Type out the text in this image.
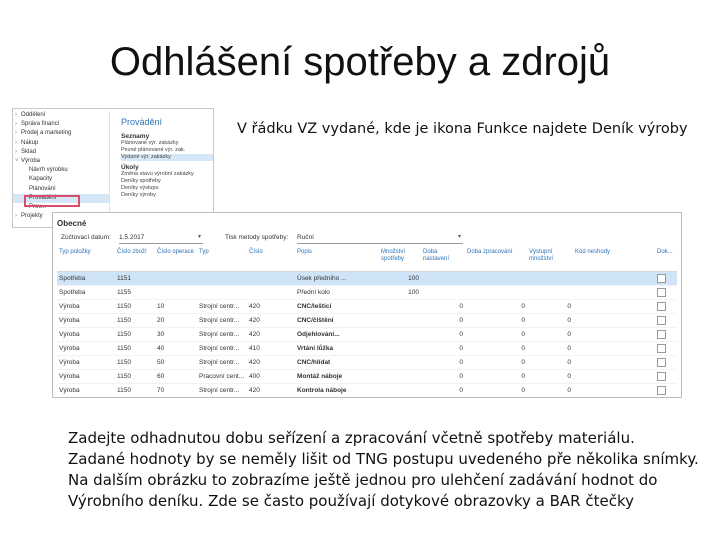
Odhlášení spotřeby a zdrojů
› Oddělení
› Správa financí
› Prodej a marketing
› Nákup
› Sklad
˅ Výroba
Návrh výrobku
Kapacity
Plánování
Provádění
Prov...
› Projekty
Provádění
Seznamy
Plánované výr. zakázky
Pevné plánované výr. zak.
Vydané výr. zakázky
Úkoly
Změna stavu výrobní zakázky
Deníky spotřeby
Deníky výstupu
Deníky výroby
V řádku VZ vydané, kde je ikona Funkce najdete Deník výroby
Obecné
Zúčtovací datum: 1.5.2017	▾	Tisk metody spotřeby: Ruční	▾
Typ položky	Číslo zboží	Číslo operace	Typ	Číslo	Popis	Množství spotřeby	Doba nastavení	Doba zpracování	Výstupní množství	Kód neshody	Dok...
Spotřeba	1151				Úsek předního ...	100					
Spotřeba	1155				Přední kolo	100					
Výroba	1150	10	Strojní centr...	420	CNC/lešticí		0	0	0		
Výroba	1150	20	Strojní centr...	420	CNC/čištění		0	0	0		
Výroba	1150	30	Strojní centr...	420	Odjehlování...		0	0	0		
Výroba	1150	40	Strojní centr...	410	Vrtání lůžka		0	0	0		
Výroba	1150	50	Strojní centr...	420	CNC/hlídat		0	0	0		
Výroba	1150	60	Pracovní cent...	400	Montáž náboje		0	0	0		
Výroba	1150	70	Strojní centr...	420	Kontrola náboje		0	0	0		
Zadejte odhadnutou dobu seřízení a zpracování včetně spotřeby materiálu.
Zadané hodnoty by se neměly lišit od TNG postupu uvedeného pře několika snímky.
Na dalším obrázku to zobrazíme ještě jednou pro ulehčení zadávání hodnot do
Výrobního deníku. Zde se často používají dotykové obrazovky a BAR čtečky
